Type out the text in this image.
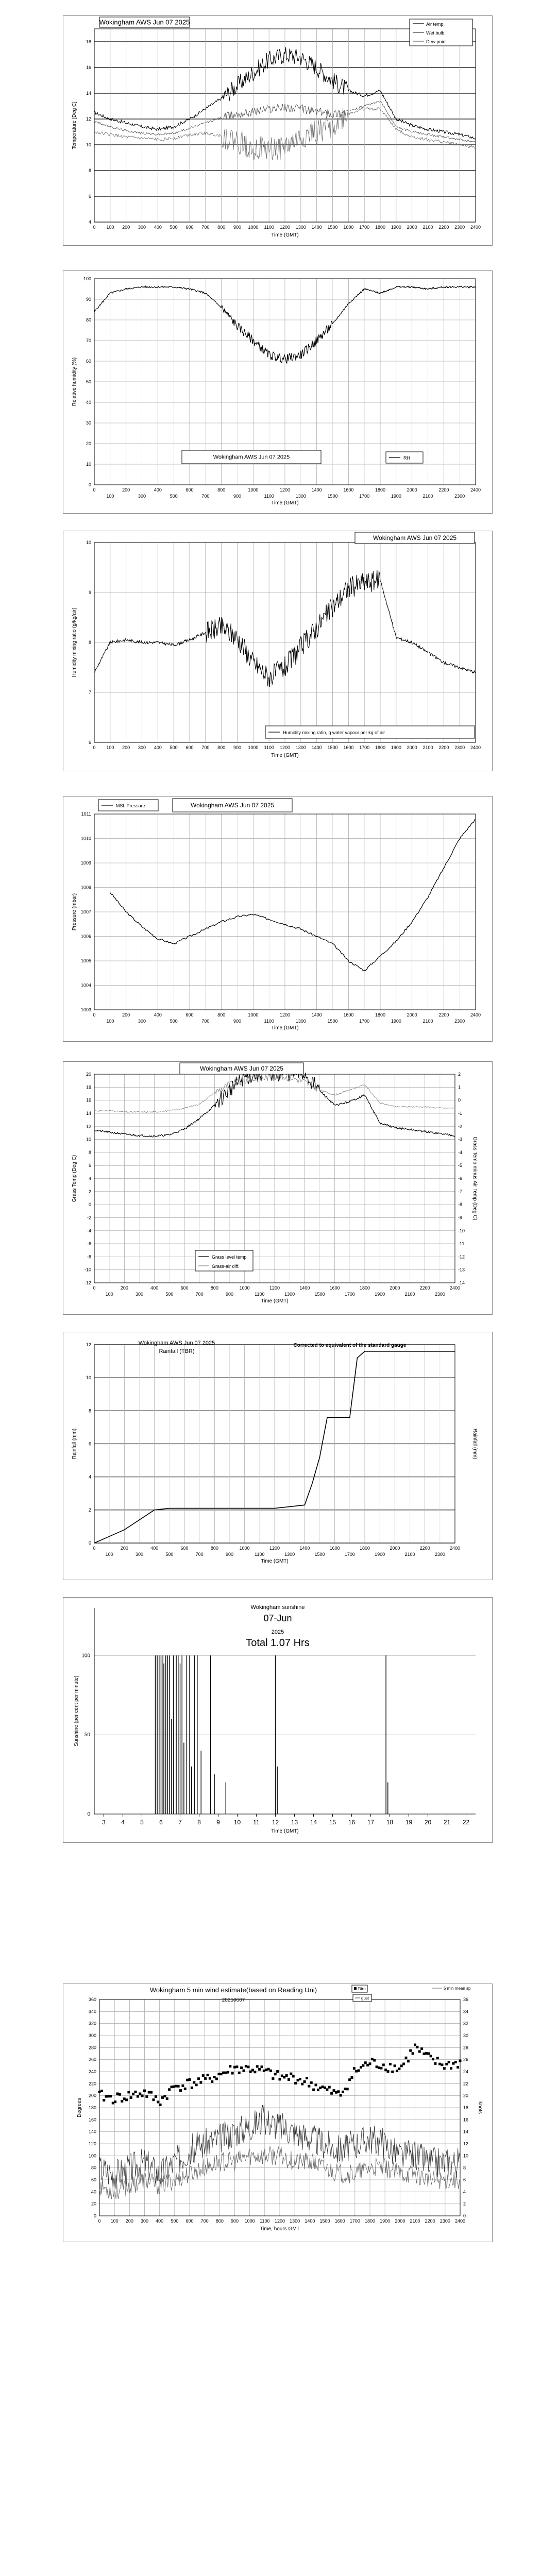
18
16
14
12
10
8
6
4
0 100 200 300 400 500 600 700 800 900 1000 1100 1200 1300 1400 1500 1600 1700 1800 1900 2000 2100 2200 2300 2400
Time (GMT)
Temperature [Deg C]
Wokingham AWS Jun 07 2025	Air temp.
Wet bulb
Dew point
100
90
80
70
60
50
40
30
20
10
0
0	200	400	600	800	1000	1200	1400	1600	1800	2000	2200	2400
100	300	500	700	900	1100	1300	1500	1700	1900	2100	2300
Time (GMT)
Relative humidity (%)
Wokingham AWS Jun 07 2025	RH
10
9
8
7
6
0 100 200 300 400 500 600 700 800 900 1000 1100 1200 1300 1400 1500 1600 1700 1800 1900 2000 2100 2200 2300 2400
Time (GMT)
Humidity mixing ratio (g/kg/air)
Wokingham AWS Jun 07 2025
Humidity mixing ratio, g water vapour per kg of air
1011
1010
1009
1008
1007
1006
1005
1004
1003
0	200	400	600	800	1000	1200	1400	1600	1800	2000	2200	2400
100	300	500	700	900	1100	1300	1500	1700	1900	2100	2300
Time (GMT)
Pressure (mbar)
MSL Pressure	Wokingham AWS Jun 07 2025
20
18
16
14
12
10
8
6
4
2
0
-2
-4
-6
-8
-10
-12
2
1
0
-1
-2
-3
-4
-5
-6
-7
-8
-9
-10
-11
-12
-13
-14
0	200	400	600	800	1000	1200	1400	1600	1800	2000	2200	2400
100	300	500	700	900	1100	1300	1500	1700	1900	2100	2300
Time (GMT)
Grass Temp (Deg C)	Grass Temp minus Air Temp (Deg C)
Wokingham AWS Jun 07 2025
Grass level temp
Grass-air diff.
12
10
8
6
4
2
0
0	200	400	600	800	1000	1200	1400	1600	1800	2000	2200	2400
100	300	500	700	900	1100	1300	1500	1700	1900	2100	2300
Time (GMT)
Rainfall (mm)	Rainfall (mm)
Wokingham AWS Jun 07 2025
Rainfall (TBR)
Corrected to equivalent of the standard gauge
100
50
0
3	4	5	6	7	8	9 10 11 12 13 14 15 16 17 18 19 20 21 22
Sunshine (per cent per minute)
Time (GMT)
Wokingham sunshine
07-Jun
2025
Total 1.07 Hrs
360
340
320
300
280
260
240
220
200
180
160
140
120
100
80
60
40
20
0
36
34
32
30
28
26
24
22
20
18
16
14
12
10
8
6
4
2
0
0 100 200 300 400 500 600 700 800 900 1000 1100 1200 1300 1400 1500 1600 1700 1800 1900 2000 2100 2200 2300 2400
Time, hours GMT
Degrees	knots
Wokingham 5 min wind estimate(based on Reading Uni)
20250607
Dirn	5 min mean sp
gust
